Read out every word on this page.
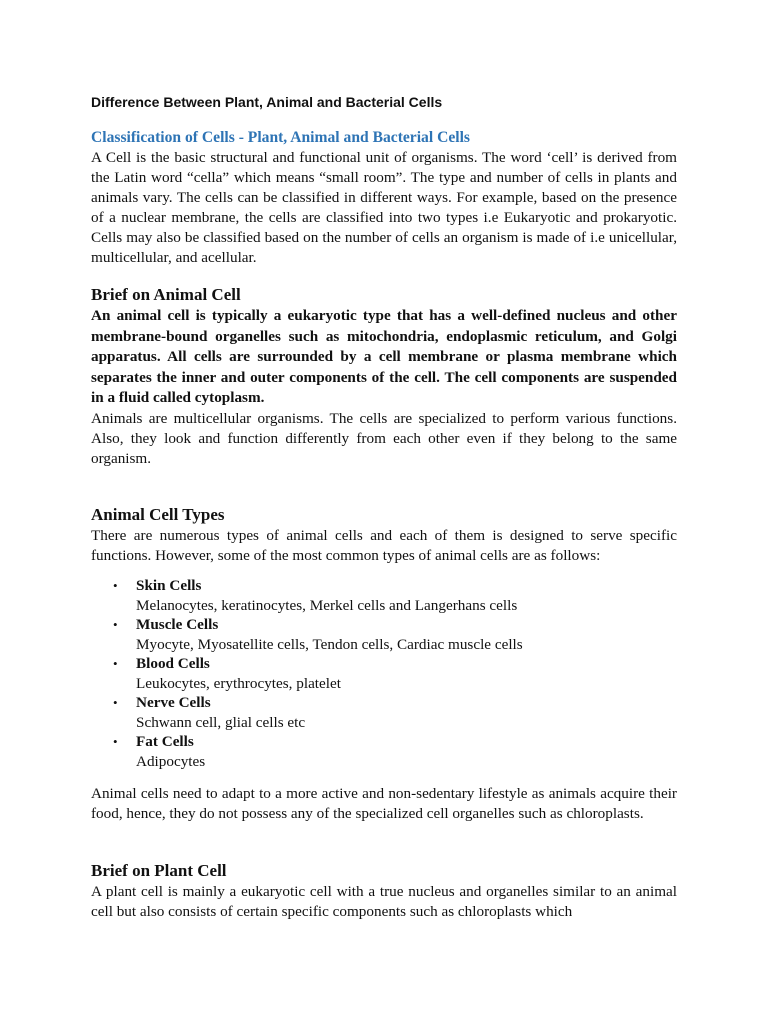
Difference Between Plant, Animal and Bacterial Cells
Classification of Cells - Plant, Animal and Bacterial Cells

A Cell is the basic structural and functional unit of organisms. The word ‘cell’ is derived from the Latin word “cella” which means “small room”. The type and number of cells in plants and animals vary. The cells can be classified in different ways. For example, based on the presence of a nuclear membrane, the cells are classified into two types i.e Eukaryotic and prokaryotic. Cells may also be classified based on the number of cells an organism is made of i.e unicellular, multicellular, and acellular.

Brief on Animal Cell

An animal cell is typically a eukaryotic type that has a well-defined nucleus and other membrane-bound organelles such as mitochondria, endoplasmic reticulum, and Golgi apparatus. All cells are surrounded by a cell membrane or plasma membrane which separates the inner and outer components of the cell. The cell components are suspended in a fluid called cytoplasm.

Animals are multicellular organisms. The cells are specialized to perform various functions. Also, they look and function differently from each other even if they belong to the same organism.

Animal Cell Types

There are numerous types of animal cells and each of them is designed to serve specific functions. However, some of the most common types of animal cells are as follows:

• Skin Cells
Melanocytes, keratinocytes, Merkel cells and Langerhans cells
• Muscle Cells
Myocyte, Myosatellite cells, Tendon cells, Cardiac muscle cells
• Blood Cells
Leukocytes, erythrocytes, platelet
• Nerve Cells
Schwann cell, glial cells etc
• Fat Cells
Adipocytes

Animal cells need to adapt to a more active and non-sedentary lifestyle as animals acquire their food, hence, they do not possess any of the specialized cell organelles such as chloroplasts.

Brief on Plant Cell

A plant cell is mainly a eukaryotic cell with a true nucleus and organelles similar to an animal cell but also consists of certain specific components such as chloroplasts which
